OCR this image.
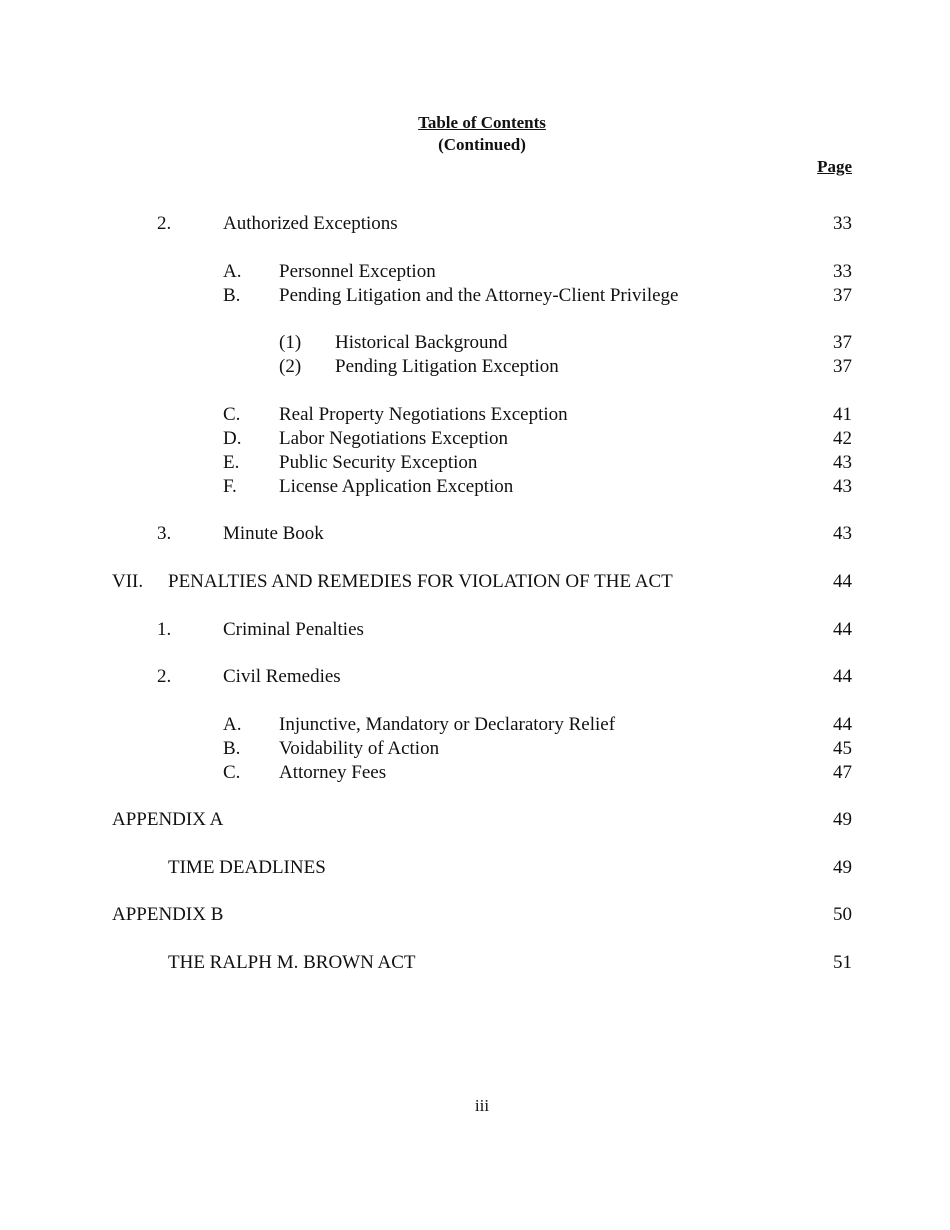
Table of Contents
(Continued)
Page
2.	Authorized Exceptions	33
A. Personnel Exception	33
B. Pending Litigation and the Attorney-Client Privilege	37
(1) Historical Background	37
(2) Pending Litigation Exception	37
C. Real Property Negotiations Exception	41
D. Labor Negotiations Exception	42
E. Public Security Exception	43
F. License Application Exception	43
3.	Minute Book	43
VII. PENALTIES AND REMEDIES FOR VIOLATION OF THE ACT	44
1.	Criminal Penalties	44
2.	Civil Remedies	44
A. Injunctive, Mandatory or Declaratory Relief	44
B. Voidability of Action	45
C. Attorney Fees	47
APPENDIX A	49
TIME DEADLINES	49
APPENDIX B	50
THE RALPH M. BROWN ACT	51
iii
